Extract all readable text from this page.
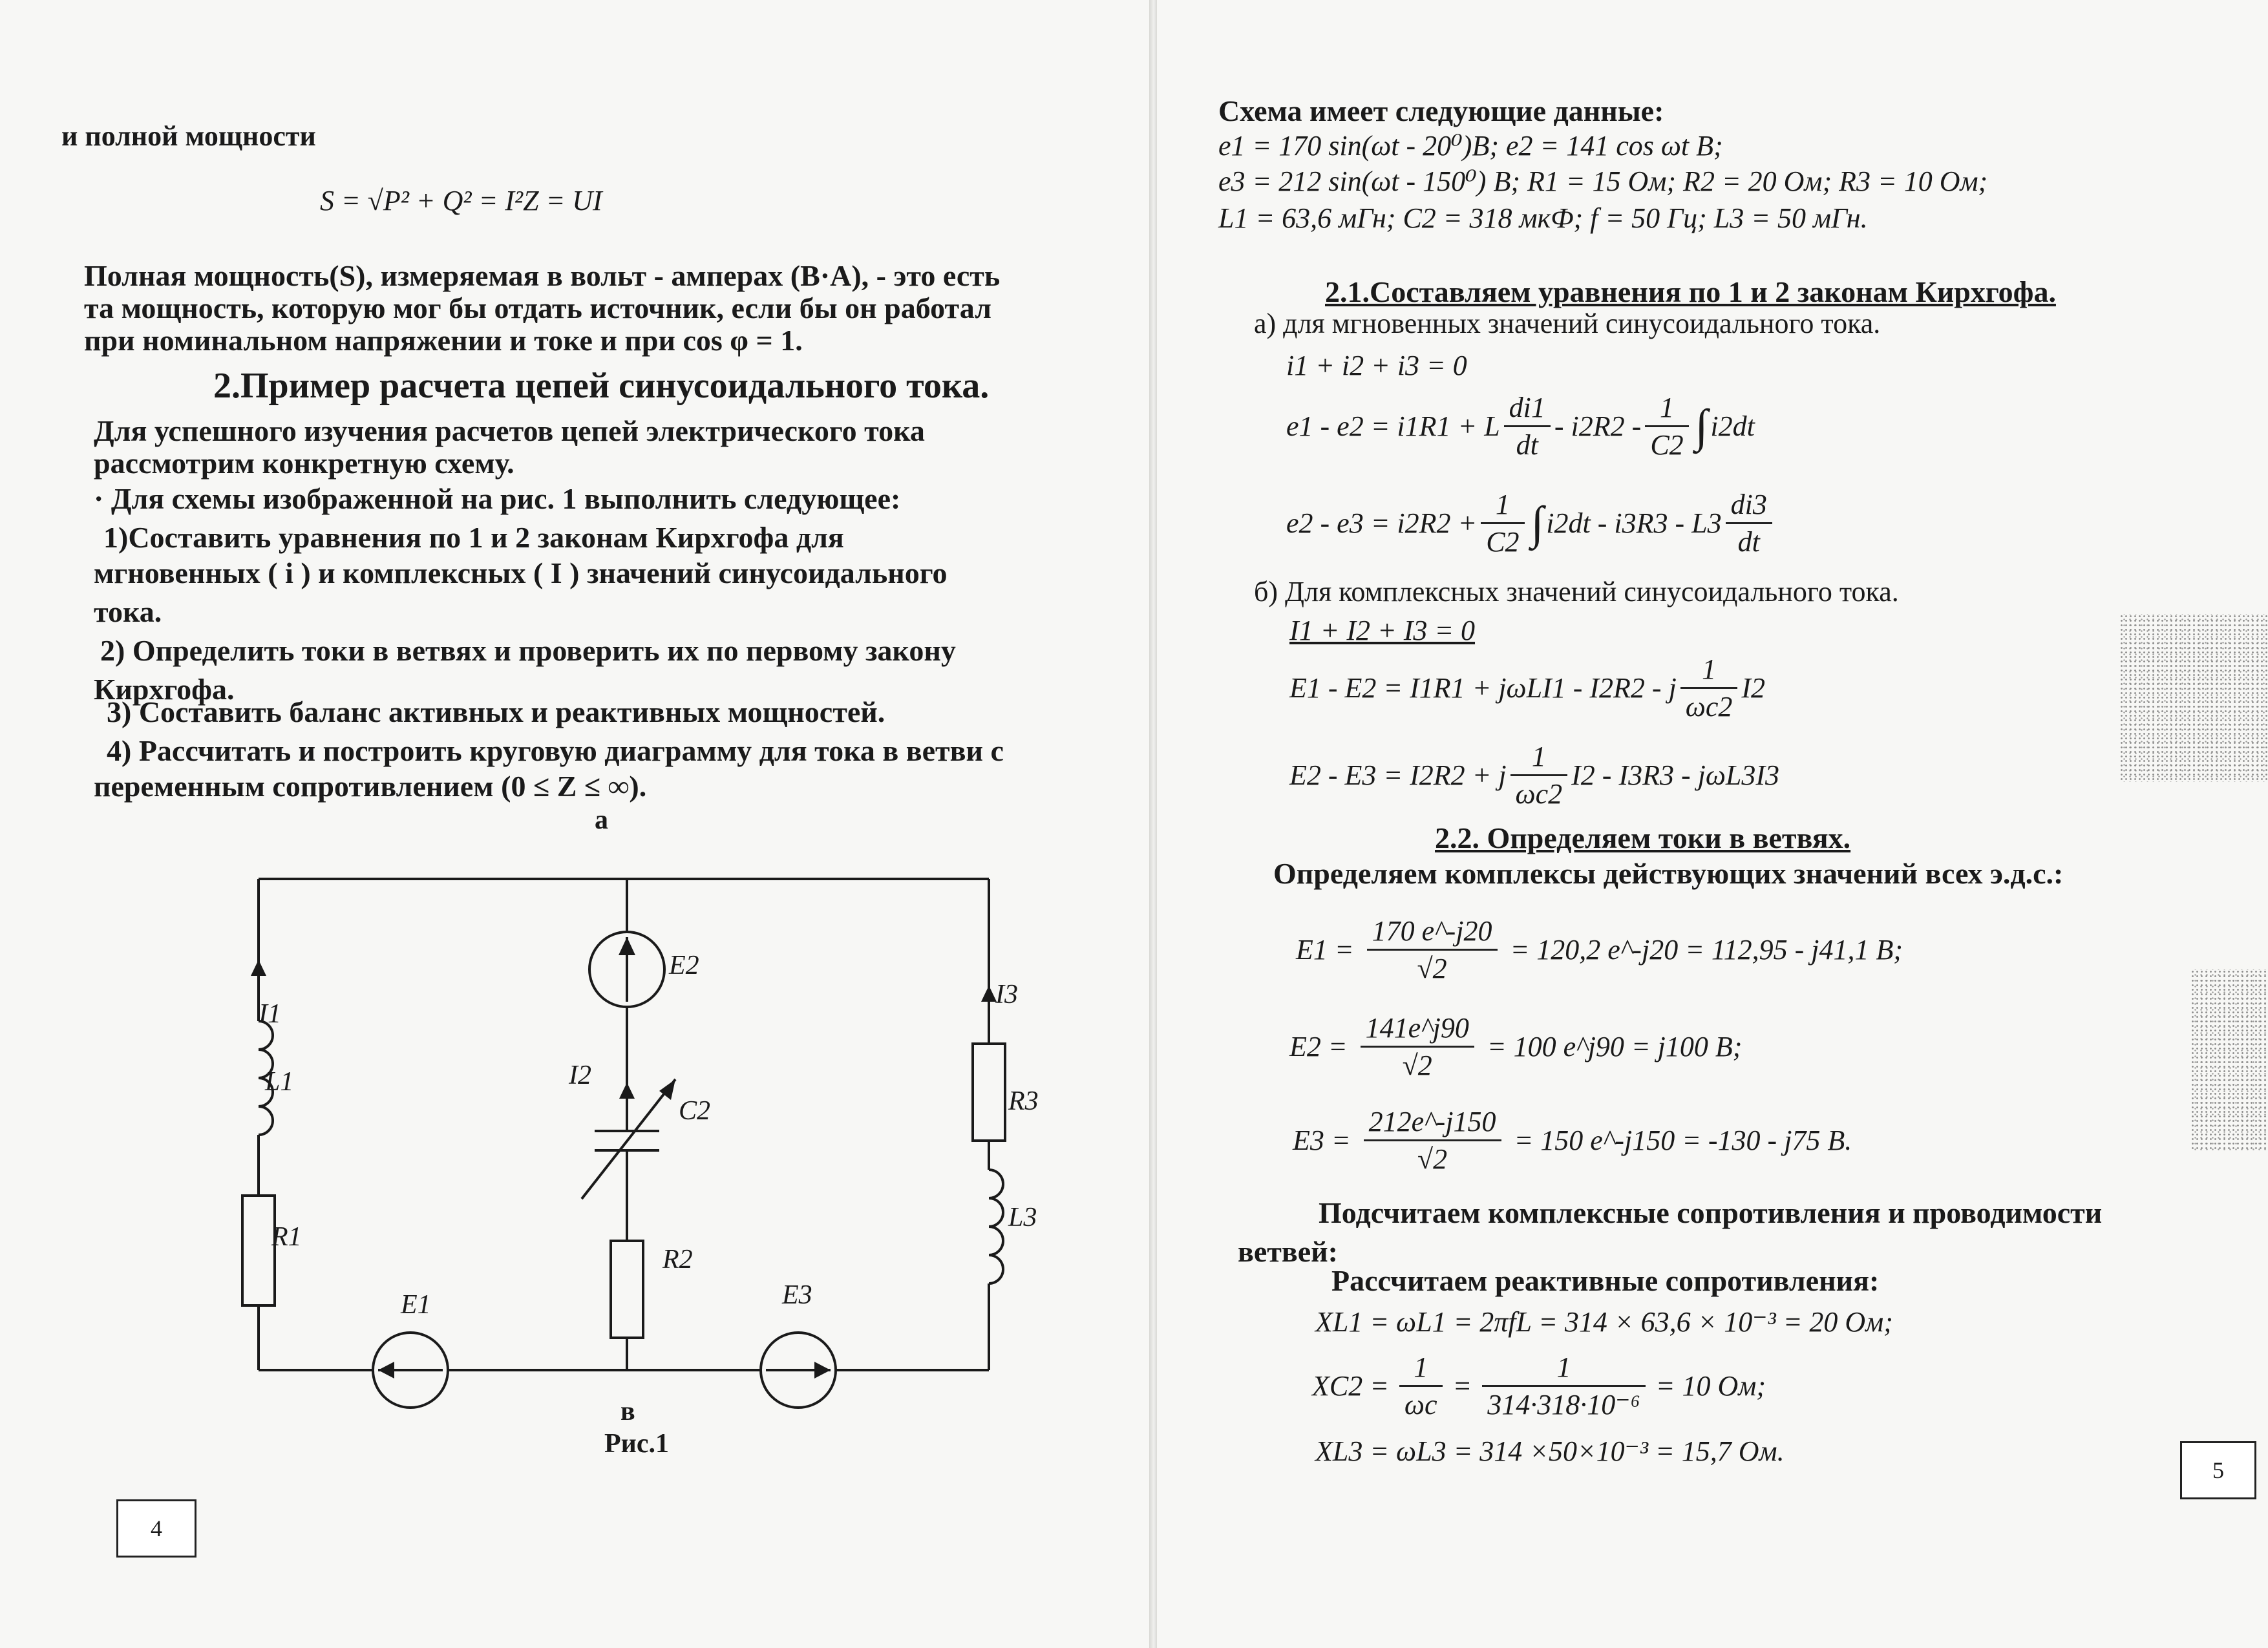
и полной мощности
S = √P² + Q² = I²Z = UI
Полная мощность(S), измеряемая в вольт - амперах (В·А), - это есть
та мощность, которую мог бы отдать источник, если бы он работал
при номинальном напряжении и токе и при cos φ = 1.
2.Пример расчета цепей синусоидального тока.
Для успешного изучения расчетов цепей электрического тока
рассмотрим конкретную схему.
· Для схемы изображенной на рис. 1 выполнить следующее:
1)Составить уравнения по 1 и 2 законам Кирхгофа для
мгновенных ( i ) и комплексных ( I ) значений синусоидального
тока.
2) Определить токи в ветвях и проверить их по первому закону
Кирхгофа.
3) Составить баланс активных и реактивных мощностей.
4) Рассчитать и построить круговую диаграмму для тока в ветви с
переменным сопротивлением (0 ≤ Z ≤ ∞).
а
I1
L1
R1
E1
E2
I2
C2
R2
I3
R3
L3
E3
в
Рис.1
4
Схема имеет следующие данные:
e1 = 170 sin(ωt - 20⁰)В; e2 = 141 cos ωt В;
e3 = 212 sin(ωt - 150⁰) В; R1 = 15 Ом; R2 = 20 Ом; R3 = 10 Ом;
L1 = 63,6 мГн; C2 = 318 мкФ; f = 50 Гц; L3 = 50 мГн.
2.1.Составляем уравнения по 1 и 2 законам Кирхгофа.
а) для мгновенных значений синусоидального тока.
i1 + i2 + i3 = 0
e1 - e2 = i1R1 + L $\frac{di1}{dt} - i2R2 - \frac{1}{C2}$ ∫ i2dt
$e2 - e3 = i2R2 + \frac{1}{C2}$ ∫ $i2dt - i3R3 - L3 \frac{di3}{dt}$
б) Для комплексных значений синусоидального тока.
I1 + I2 + I3 = 0
E1 - E2 = I1R1 + jωLI1 - I2R2 - j $\frac{1}{\omega c2} I2$
E2 - E3 = I2R2 + j $\frac{1}{\omega c2} I2 - I3R3 - j\omega L3I3$
2.2. Определяем токи в ветвях.
Определяем комплексы действующих значений всех э.д.с.:
$E1 = \frac{170 e\^{}-j20}{√2} = 120,2$ e^-j20 = 112,95 - j41,1 В;
$E2 = \frac{141e\^{}j90}{√2} = 100$ e^j90 = j100 В;
$E3 = \frac{212e\^{}-j150}{√2} = 150$ e^-j150 = -130 - j75 В.
Подсчитаем комплексные сопротивления и проводимости
ветвей:
Рассчитаем реактивные сопротивления:
XL1 = ωL1 = 2πfL = 314 × 63,6 × 10⁻³ = 20 Ом;
$XC2 = \frac{1}{\omega c} = \frac{1}{\text{314·318·10⁻⁶}} = 10$ Ом;
XL3 = ωL3 = 314 ×50×10⁻³ = 15,7 Ом.
5
